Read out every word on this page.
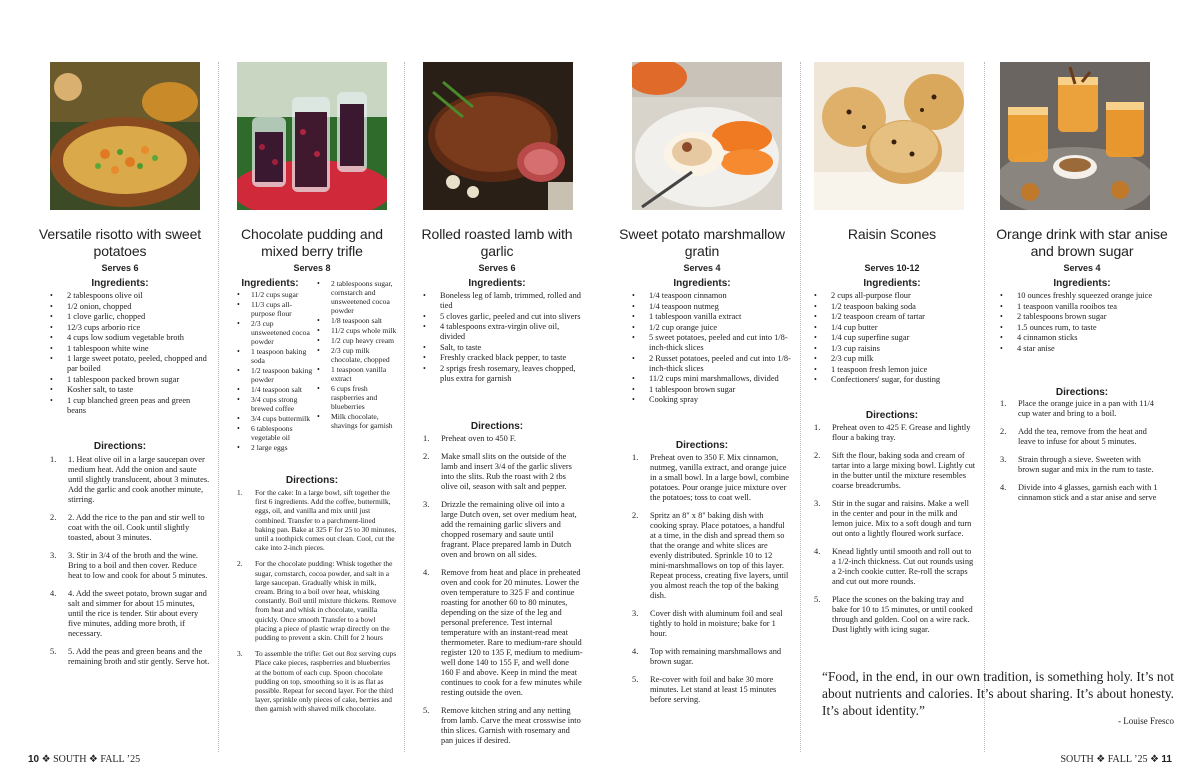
Versatile risotto with sweet potatoes
Serves 6
Ingredients:
• 2 tablespoons olive oil
• 1/2 onion, chopped
• 1 clove garlic, chopped
• 12/3 cups arborio rice
• 4 cups low sodium vegetable broth
• 1 tablespoon white wine
• 1 large sweet potato, peeled, chopped and par boiled
• 1 tablespoon packed brown sugar
• Kosher salt, to taste
• 1 cup blanched green peas and green beans
Directions:
1. 1. Heat olive oil in a large saucepan over medium heat. Add the onion and saute until slightly translucent, about 3 minutes. Add the garlic and cook another minute, stirring.
2. 2. Add the rice to the pan and stir well to coat with the oil. Cook until slightly toasted, about 3 minutes.
3. 3. Stir in 3/4 of the broth and the wine. Bring to a boil and then cover. Reduce heat to low and cook for about 5 minutes.
4. 4. Add the sweet potato, brown sugar and salt and simmer for about 15 minutes, until the rice is tender. Stir about every five minutes, adding more broth, if necessary.
5. 5. Add the peas and green beans and the remaining broth and stir gently. Serve hot.
Chocolate pudding and mixed berry trifle
Serves 8
Ingredients:
• 11/2 cups sugar
• 11/3 cups all-purpose flour
• 2/3 cup unsweetened cocoa powder
• 1 teaspoon baking soda
• 1/2 teaspoon baking powder
• 1/4 teaspoon salt
• 3/4 cups strong brewed coffee
• 3/4 cups buttermilk
• 6 tablespoons vegetable oil
• 2 large eggs
• 2 tablespoons sugar, cornstarch and unsweetened cocoa powder
• 1/8 teaspoon salt
• 11/2 cups whole milk
• 1/2 cup heavy cream
• 2/3 cup milk chocolate, chopped
• 1 teaspoon vanilla extract
• 6 cups fresh raspberries and blueberries
• Milk chocolate, shavings for garnish
Directions:
1. For the cake: In a large bowl, sift together the first 6 ingredients. Add the coffee, buttermilk, eggs, oil, and vanilla and mix until just combined. Transfer to a parchment-lined baking pan. Bake at 325 F for 25 to 30 minutes, until a toothpick comes out clean. Cool, cut the cake into 2-inch pieces.
2. For the chocolate pudding: Whisk together the sugar, cornstarch, cocoa powder, and salt in a large saucepan. Gradually whisk in milk, cream. Bring to a boil over heat, whisking constantly. Boil until mixture thickens. Remove from heat and whisk in chocolate, vanilla quickly. Once smooth Transfer to a bowl placing a piece of plastic wrap directly on the pudding to prevent a skin. Chill for 2 hours
3. To assemble the trifle: Get out 8oz serving cups Place cake pieces, raspberries and blueberries at the bottom of each cup. Spoon chocolate pudding on top, smoothing so it is as flat as possible. Repeat for second layer. For the third layer, sprinkle only pieces of cake, berries and then garnish with shaved milk chocolate.
Rolled roasted lamb with garlic
Serves 6
Ingredients:
• Boneless leg of lamb, trimmed, rolled and tied
• 5 cloves garlic, peeled and cut into slivers
• 4 tablespoons extra-virgin olive oil, divided
• Salt, to taste
• Freshly cracked black pepper, to taste
• 2 sprigs fresh rosemary, leaves chopped, plus extra for garnish
Directions:
1. Preheat oven to 450 F.
2. Make small slits on the outside of the lamb and insert 3/4 of the garlic slivers into the slits. Rub the roast with 2 tbs olive oil, season with salt and pepper.
3. Drizzle the remaining olive oil into a large Dutch oven, set over medium heat, add the remaining garlic slivers and chopped rosemary and saute until fragrant. Place prepared lamb in Dutch oven and brown on all sides.
4. Remove from heat and place in preheated oven and cook for 20 minutes. Lower the oven temperature to 325 F and continue roasting for another 60 to 80 minutes, depending on the size of the leg and personal preference. Test internal temperature with an instant-read meat thermometer. Rare to medium-rare should register 120 to 135 F, medium to medium-well done 140 to 155 F, and well done 160 F and above. Keep in mind the meat continues to cook for a few minutes while resting outside the oven.
5. Remove kitchen string and any netting from lamb. Carve the meat crosswise into thin slices. Garnish with rosemary and pan juices if desired.
Sweet potato marshmallow gratin
Serves 4
Ingredients:
• 1/4 teaspoon cinnamon
• 1/4 teaspoon nutmeg
• 1 tablespoon vanilla extract
• 1/2 cup orange juice
• 5 sweet potatoes, peeled and cut into 1/8-inch-thick slices
• 2 Russet potatoes, peeled and cut into 1/8-inch-thick slices
• 11/2 cups mini marshmallows, divided
• 1 tablespoon brown sugar
• Cooking spray
Directions:
1. Preheat oven to 350 F. Mix cinnamon, nutmeg, vanilla extract, and orange juice in a small bowl. In a large bowl, combine potatoes. Pour orange juice mixture over the potatoes; toss to coat well.
2. Spritz an 8" x 8" baking dish with cooking spray. Place potatoes, a handful at a time, in the dish and spread them so that the orange and white slices are evenly distributed. Sprinkle 10 to 12 mini-marshmallows on top of this layer. Repeat process, creating five layers, until you almost reach the top of the baking dish.
3. Cover dish with aluminum foil and seal tightly to hold in moisture; bake for 1 hour.
4. Top with remaining marshmallows and brown sugar.
5. Re-cover with foil and bake 30 more minutes. Let stand at least 15 minutes before serving.
Raisin Scones
Serves 10-12
Ingredients:
• 2 cups all-purpose flour
• 1/2 teaspoon baking soda
• 1/2 teaspoon cream of tartar
• 1/4 cup butter
• 1/4 cup superfine sugar
• 1/3 cup raisins
• 2/3 cup milk
• 1 teaspoon fresh lemon juice
• Confectioners' sugar, for dusting
Directions:
1. Preheat oven to 425 F. Grease and lightly flour a baking tray.
2. Sift the flour, baking soda and cream of tartar into a large mixing bowl. Lightly cut in the butter until the mixture resembles coarse breadcrumbs.
3. Stir in the sugar and raisins. Make a well in the center and pour in the milk and lemon juice. Mix to a soft dough and turn out onto a lightly floured work surface.
4. Knead lightly until smooth and roll out to a 1/2-inch thickness. Cut out rounds using a 2-inch cookie cutter. Re-roll the scraps and cut out more rounds.
5. Place the scones on the baking tray and bake for 10 to 15 minutes, or until cooked through and golden. Cool on a wire rack. Dust lightly with icing sugar.
Orange drink with star anise and brown sugar
Serves 4
Ingredients:
• 10 ounces freshly squeezed orange juice
• 1 teaspoon vanilla rooibos tea
• 2 tablespoons brown sugar
• 1.5 ounces rum, to taste
• 4 cinnamon sticks
• 4 star anise
Directions:
1. Place the orange juice in a pan with 11/4 cup water and bring to a boil.
2. Add the tea, remove from the heat and leave to infuse for about 5 minutes.
3. Strain through a sieve. Sweeten with brown sugar and mix in the rum to taste.
4. Divide into 4 glasses, garnish each with 1 cinnamon stick and a star anise and serve

“Food, in the end, in our own tradition, is something holy. It’s not about nutrients and calories. It’s about sharing. It’s about honesty. It’s about identity.”

- Louise Fresco
10 ❖ SOUTH ❖ FALL ’25	SOUTH ❖ FALL ’25 ❖ 11
